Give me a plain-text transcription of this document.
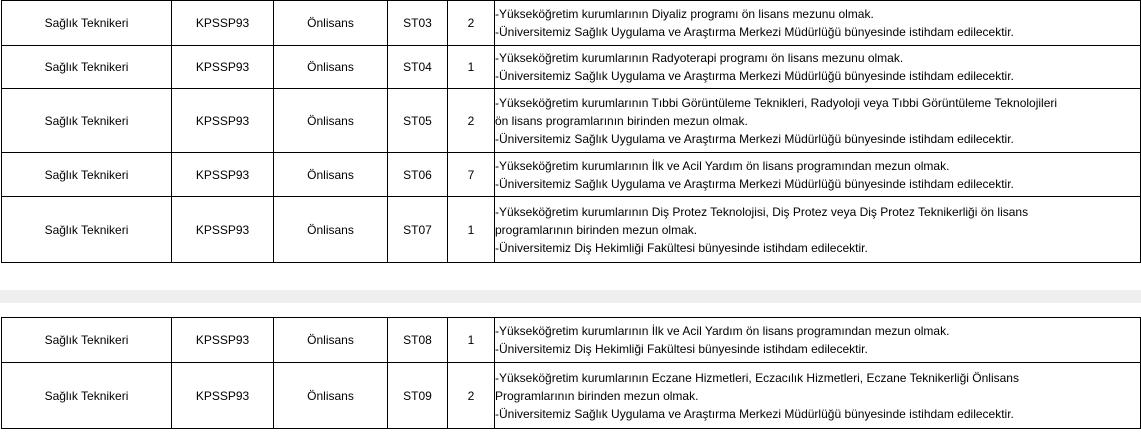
Sağlık Teknikeri	KPSSP93	Önlisans	ST03	2	-Yükseköğretim kurumlarının Diyaliz programı ön lisans mezunu olmak.
-Üniversitemiz Sağlık Uygulama ve Araştırma Merkezi Müdürlüğü bünyesinde istihdam edilecektir.

Sağlık Teknikeri	KPSSP93	Önlisans	ST04	1	-Yükseköğretim kurumlarının Radyoterapi programı ön lisans mezunu olmak.
-Üniversitemiz Sağlık Uygulama ve Araştırma Merkezi Müdürlüğü bünyesinde istihdam edilecektir.

Sağlık Teknikeri	KPSSP93	Önlisans	ST05	2	-Yükseköğretim kurumlarının Tıbbi Görüntüleme Teknikleri, Radyoloji veya Tıbbi Görüntüleme Teknolojileri
ön lisans programlarının birinden mezun olmak.
-Üniversitemiz Sağlık Uygulama ve Araştırma Merkezi Müdürlüğü bünyesinde istihdam edilecektir.

Sağlık Teknikeri	KPSSP93	Önlisans	ST06	7	-Yükseköğretim kurumlarının İlk ve Acil Yardım ön lisans programından mezun olmak.
-Üniversitemiz Sağlık Uygulama ve Araştırma Merkezi Müdürlüğü bünyesinde istihdam edilecektir.

Sağlık Teknikeri	KPSSP93	Önlisans	ST07	1	-Yükseköğretim kurumlarının Diş Protez Teknolojisi, Diş Protez veya Diş Protez Teknikerliği ön lisans
programlarının birinden mezun olmak.
-Üniversitemiz Diş Hekimliği Fakültesi bünyesinde istihdam edilecektir.
Sağlık Teknikeri	KPSSP93	Önlisans	ST08	1	-Yükseköğretim kurumlarının İlk ve Acil Yardım ön lisans programından mezun olmak.
-Üniversitemiz Diş Hekimliği Fakültesi bünyesinde istihdam edilecektir.

Sağlık Teknikeri	KPSSP93	Önlisans	ST09	2	-Yükseköğretim kurumlarının Eczane Hizmetleri, Eczacılık Hizmetleri, Eczane Teknikerliği Önlisans
Programlarının birinden mezun olmak.
-Üniversitemiz Sağlık Uygulama ve Araştırma Merkezi Müdürlüğü bünyesinde istihdam edilecektir.
